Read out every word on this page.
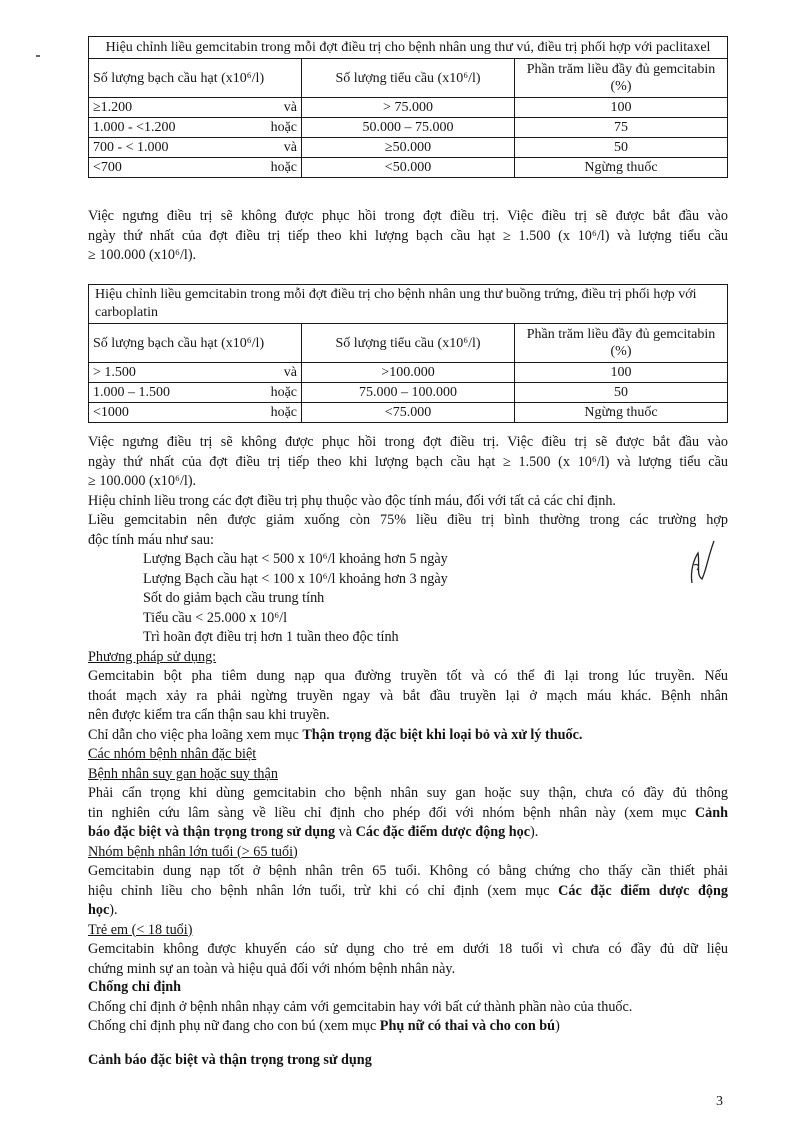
Hiệu chỉnh liều gemcitabin trong mỗi đợt điều trị cho bệnh nhân ung thư vú, điều trị phối hợp với paclitaxel		
Số lượng bạch cầu hạt (x10⁶/l)	Số lượng tiểu cầu (x10⁶/l)	Phần trăm liều đầy đủ gemcitabin (%)

≥1.200 và	> 75.000	100

1.000 - <1.200 hoặc	50.000 – 75.000	75

700 - < 1.000 và	≥50.000	50

<700 hoặc	<50.000	Ngừng thuốc
Việc ngưng điều trị sẽ không được phục hồi trong đợt điều trị. Việc điều trị sẽ được bắt đầu vào
ngày thứ nhất của đợt điều trị tiếp theo khi lượng bạch cầu hạt ≥ 1.500 (x 10⁶/l) và lượng tiểu cầu
≥ 100.000 (x10⁶/l).
Hiệu chỉnh liều gemcitabin trong mỗi đợt điều trị cho bệnh nhân ung thư buồng trứng, điều trị phối hợp với carboplatin		
Số lượng bạch cầu hạt (x10⁶/l)	Số lượng tiểu cầu (x10⁶/l)	Phần trăm liều đầy đủ gemcitabin (%)

> 1.500 và	>100.000	100

1.000 – 1.500 hoặc	75.000 – 100.000	50

<1000 hoặc	<75.000	Ngừng thuốc
Việc ngưng điều trị sẽ không được phục hồi trong đợt điều trị. Việc điều trị sẽ được bắt đầu vào
ngày thứ nhất của đợt điều trị tiếp theo khi lượng bạch cầu hạt ≥ 1.500 (x 10⁶/l) và lượng tiểu cầu
≥ 100.000 (x10⁶/l).
Hiệu chỉnh liều trong các đợt điều trị phụ thuộc vào độc tính máu, đối với tất cả các chỉ định.
Liều gemcitabin nên được giảm xuống còn 75% liều điều trị bình thường trong các trường hợp
độc tính máu như sau:
Lượng Bạch cầu hạt < 500 x 10⁶/l khoảng hơn 5 ngày
Lượng Bạch cầu hạt < 100 x 10⁶/l khoảng hơn 3 ngày
Sốt do giảm bạch cầu trung tính
Tiểu cầu < 25.000 x 10⁶/l
Trì hoãn đợt điều trị hơn 1 tuần theo độc tính
Phương pháp sử dụng:
Gemcitabin bột pha tiêm dung nạp qua đường truyền tốt và có thể đi lại trong lúc truyền. Nếu
thoát mạch xảy ra phải ngừng truyền ngay và bắt đầu truyền lại ở mạch máu khác. Bệnh nhân
nên được kiểm tra cẩn thận sau khi truyền.
Chỉ dẫn cho việc pha loãng xem mục Thận trọng đặc biệt khi loại bỏ và xử lý thuốc.
Các nhóm bệnh nhân đặc biệt
Bệnh nhân suy gan hoặc suy thận
Phải cẩn trọng khi dùng gemcitabin cho bệnh nhân suy gan hoặc suy thận, chưa có đầy đủ thông
tin nghiên cứu lâm sàng về liều chỉ định cho phép đối với nhóm bệnh nhân này (xem mục Cảnh
báo đặc biệt và thận trọng trong sử dụng và Các đặc điểm dược động học).
Nhóm bệnh nhân lớn tuổi (> 65 tuổi)
Gemcitabin dung nạp tốt ở bệnh nhân trên 65 tuổi. Không có bằng chứng cho thấy cần thiết phải
hiệu chỉnh liều cho bệnh nhân lớn tuổi, trừ khi có chỉ định (xem mục Các đặc điểm dược động
học).
Trẻ em (< 18 tuổi)
Gemcitabin không được khuyến cáo sử dụng cho trẻ em dưới 18 tuổi vì chưa có đầy đủ dữ liệu
chứng minh sự an toàn và hiệu quả đối với nhóm bệnh nhân này.
Chống chỉ định
Chống chỉ định ở bệnh nhân nhạy cảm với gemcitabin hay với bất cứ thành phần nào của thuốc.
Chống chỉ định phụ nữ đang cho con bú (xem mục Phụ nữ có thai và cho con bú)
Cảnh báo đặc biệt và thận trọng trong sử dụng
3
